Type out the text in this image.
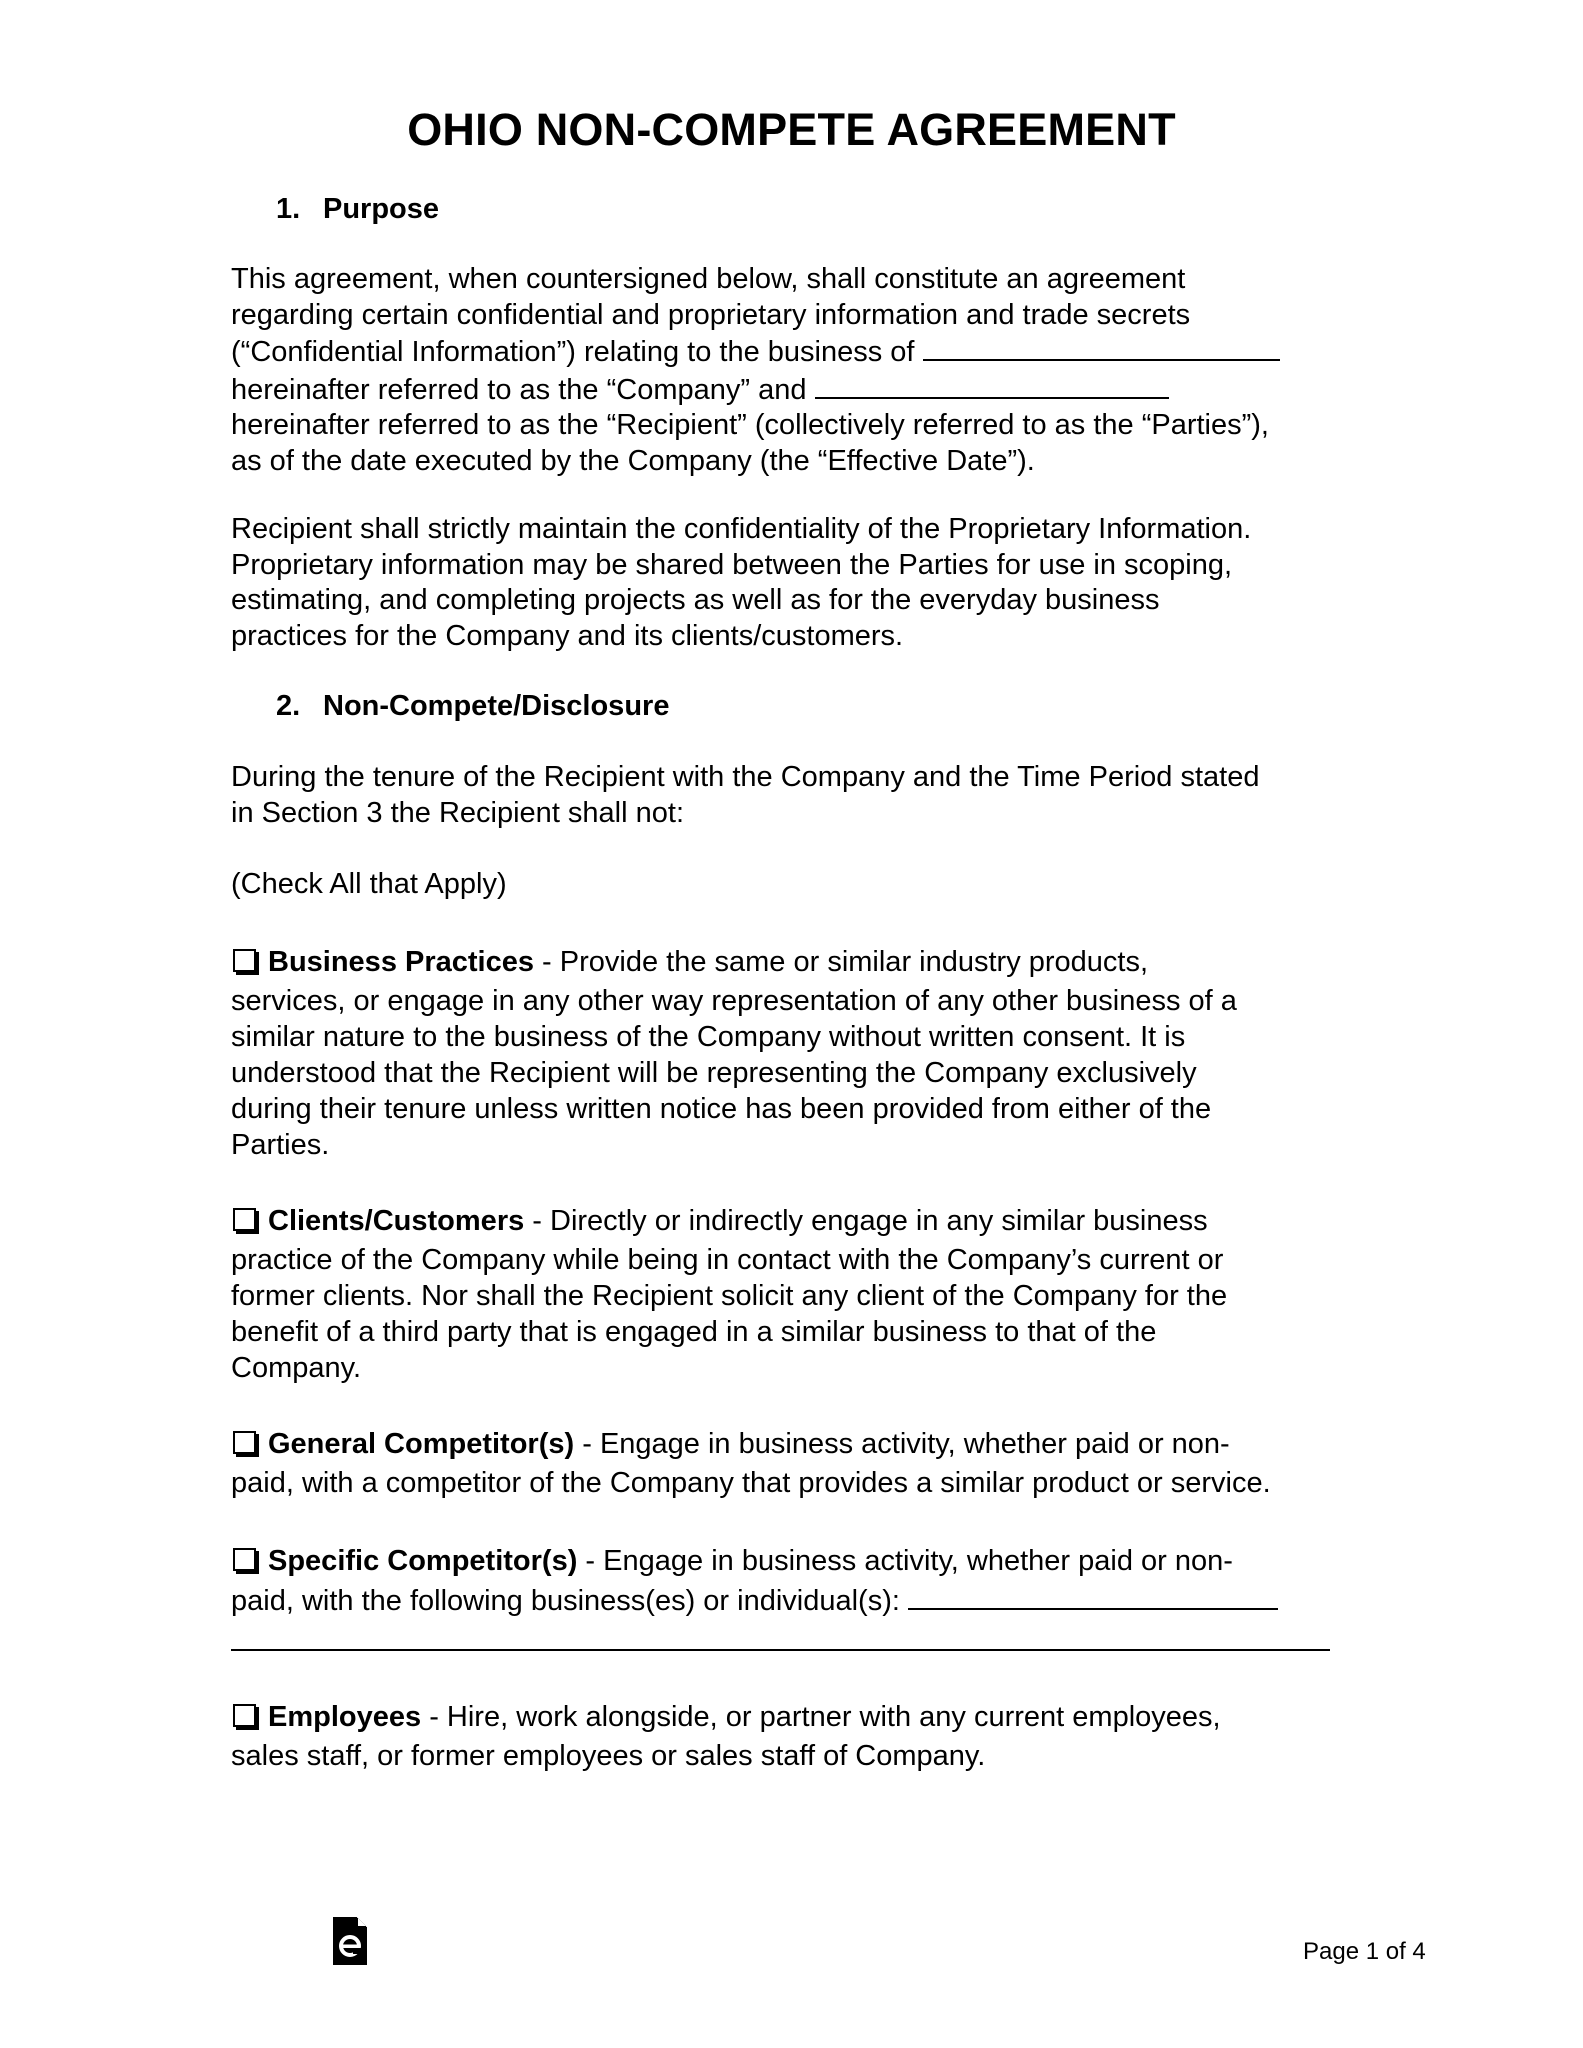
OHIO NON-COMPETE AGREEMENT

1. Purpose

This agreement, when countersigned below, shall constitute an agreement
regarding certain confidential and proprietary information and trade secrets
(“Confidential Information”) relating to the business of
hereinafter referred to as the “Company” and
hereinafter referred to as the “Recipient” (collectively referred to as the “Parties”),
as of the date executed by the Company (the “Effective Date”).
Recipient shall strictly maintain the confidentiality of the Proprietary Information.
Proprietary information may be shared between the Parties for use in scoping,
estimating, and completing projects as well as for the everyday business
practices for the Company and its clients/customers.

2. Non-Compete/Disclosure

During the tenure of the Recipient with the Company and the Time Period stated
in Section 3 the Recipient shall not:
(Check All that Apply)
Business Practices - Provide the same or similar industry products,
services, or engage in any other way representation of any other business of a
similar nature to the business of the Company without written consent. It is
understood that the Recipient will be representing the Company exclusively
during their tenure unless written notice has been provided from either of the
Parties.
Clients/Customers - Directly or indirectly engage in any similar business
practice of the Company while being in contact with the Company’s current or
former clients. Nor shall the Recipient solicit any client of the Company for the
benefit of a third party that is engaged in a similar business to that of the
Company.
General Competitor(s) - Engage in business activity, whether paid or non-
paid, with a competitor of the Company that provides a similar product or service.
Specific Competitor(s) - Engage in business activity, whether paid or non-
paid, with the following business(es) or individual(s):
Employees - Hire, work alongside, or partner with any current employees,
sales staff, or former employees or sales staff of Company.

Page 1 of 4
